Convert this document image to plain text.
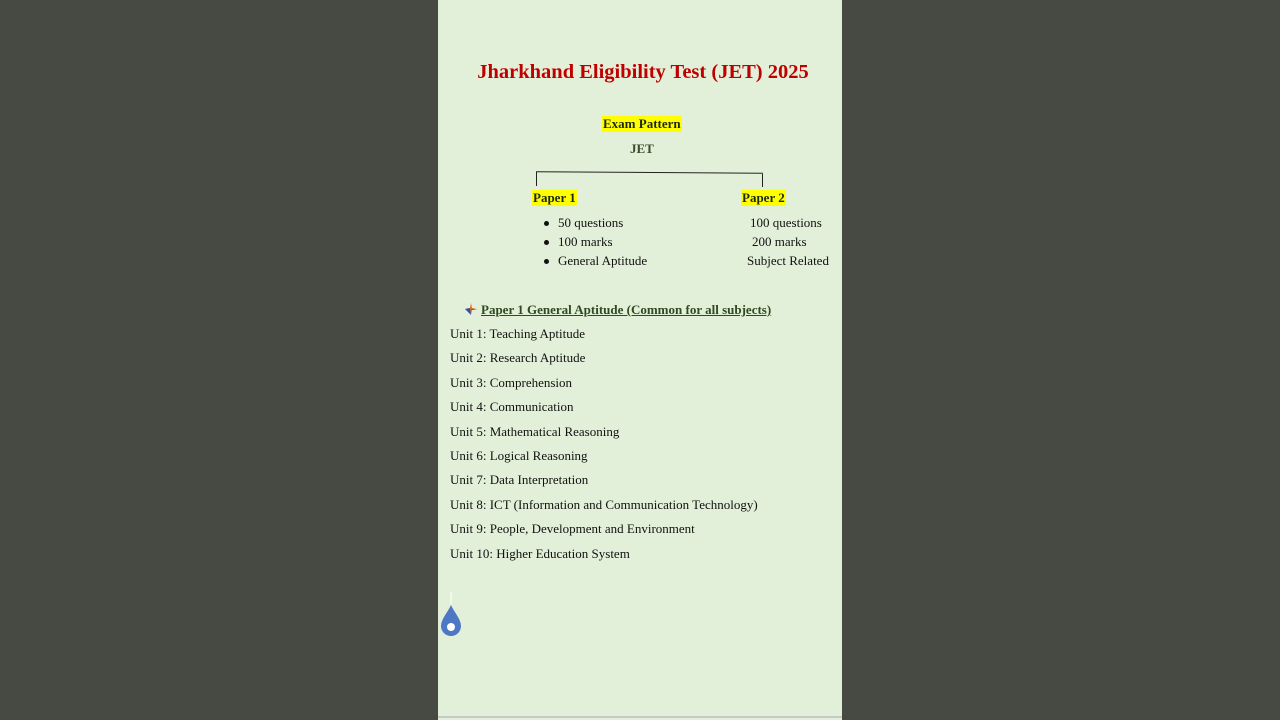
Jharkhand Eligibility Test (JET) 2025
Exam Pattern
JET
Paper 1	Paper 2
50 questions
100 marks
General Aptitude
100 questions
200 marks
Subject Related
Paper 1 General Aptitude (Common for all subjects)
Unit 1: Teaching Aptitude
Unit 2: Research Aptitude
Unit 3: Comprehension
Unit 4: Communication
Unit 5: Mathematical Reasoning
Unit 6: Logical Reasoning
Unit 7: Data Interpretation
Unit 8: ICT (Information and Communication Technology)
Unit 9: People, Development and Environment
Unit 10: Higher Education System
